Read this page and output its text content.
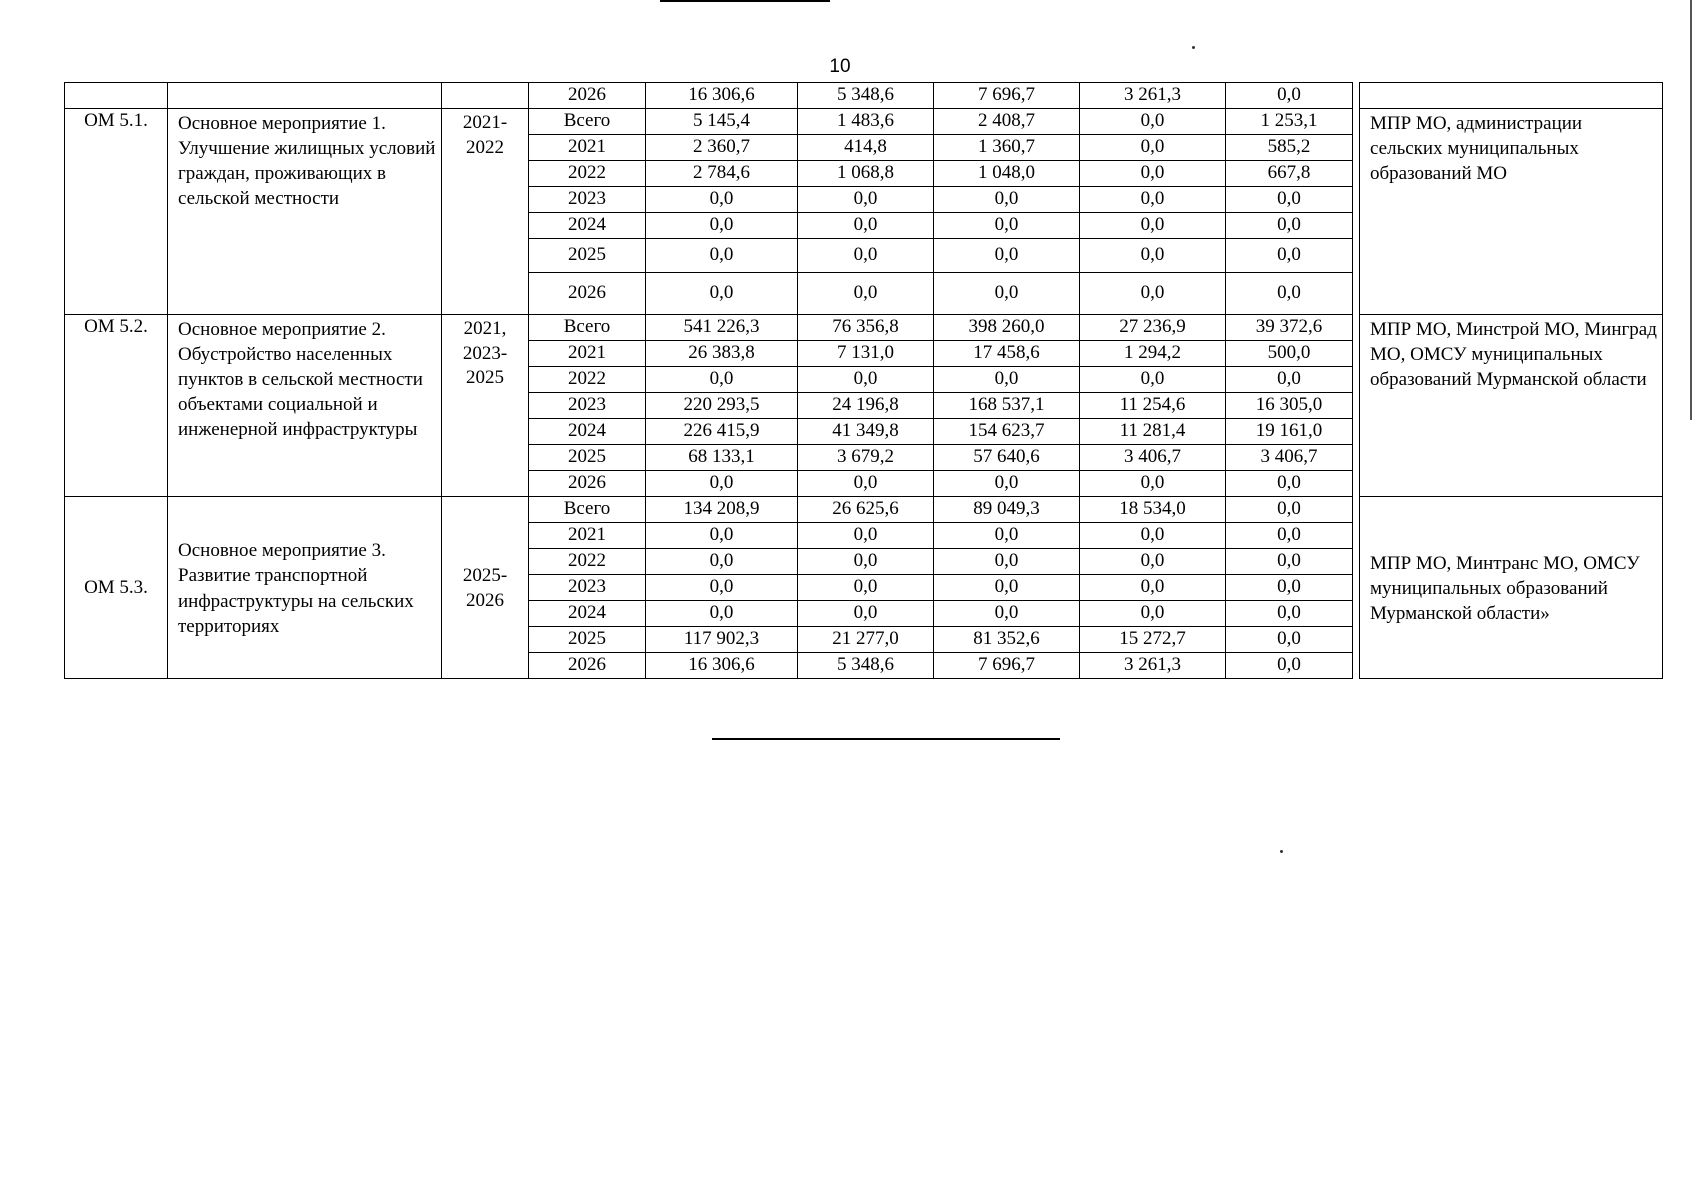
10
			2026	16 306,6	5 348,6	7 696,7	3 261,3	0,0		
ОМ 5.1.	Основное мероприятие 1. Улучшение жилищных условий граждан, проживающих в сельской местности	2021-2022	Всего	5 145,4	1 483,6	2 408,7	0,0	1 253,1		МПР МО, администрации сельских муниципальных образований МО
			2021	2 360,7	414,8	1 360,7	0,0	585,2		
			2022	2 784,6	1 068,8	1 048,0	0,0	667,8		
			2023	0,0	0,0	0,0	0,0	0,0		
			2024	0,0	0,0	0,0	0,0	0,0		
			2025	0,0	0,0	0,0	0,0	0,0		
			2026	0,0	0,0	0,0	0,0	0,0		
ОМ 5.2.	Основное мероприятие 2. Обустройство населенных пунктов в сельской местности объектами социальной и инженерной инфраструктуры	2021, 2023-2025	Всего	541 226,3	76 356,8	398 260,0	27 236,9	39 372,6		МПР МО, Минстрой МО, Минград МО, ОМСУ муниципальных образований Мурманской области
			2021	26 383,8	7 131,0	17 458,6	1 294,2	500,0		
			2022	0,0	0,0	0,0	0,0	0,0		
			2023	220 293,5	24 196,8	168 537,1	11 254,6	16 305,0		
			2024	226 415,9	41 349,8	154 623,7	11 281,4	19 161,0		
			2025	68 133,1	3 679,2	57 640,6	3 406,7	3 406,7		
			2026	0,0	0,0	0,0	0,0	0,0		
ОМ 5.3.	Основное мероприятие 3. Развитие транспортной инфраструктуры на сельских территориях	2025-2026	Всего	134 208,9	26 625,6	89 049,3	18 534,0	0,0		МПР МО, Минтранс МО, ОМСУ муниципальных образований Мурманской области»
			2021	0,0	0,0	0,0	0,0	0,0		
			2022	0,0	0,0	0,0	0,0	0,0		
			2023	0,0	0,0	0,0	0,0	0,0		
			2024	0,0	0,0	0,0	0,0	0,0		
			2025	117 902,3	21 277,0	81 352,6	15 272,7	0,0		
			2026	16 306,6	5 348,6	7 696,7	3 261,3	0,0		
